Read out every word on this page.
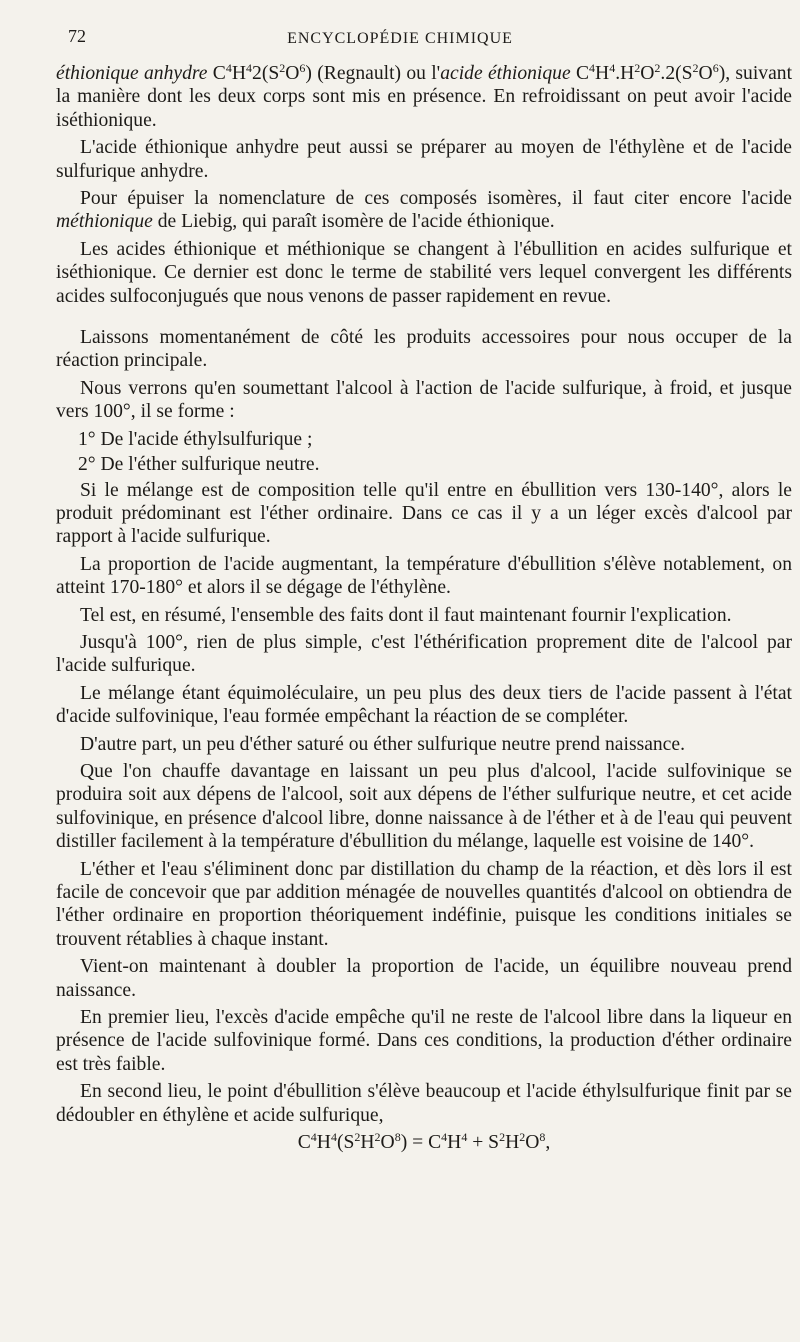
72	ENCYCLOPÉDIE CHIMIQUE

éthionique anhydre $C^4H^42(S^2O^6)$ (Regnault) ou l'acide éthionique $C^4H^4.H^2O^2.2(S^2O^6)$, suivant la manière dont les deux corps sont mis en présence. En refroidissant on peut avoir l'acide iséthionique.

L'acide éthionique anhydre peut aussi se préparer au moyen de l'éthylène et de l'acide sulfurique anhydre.

Pour épuiser la nomenclature de ces composés isomères, il faut citer encore l'acide méthionique de Liebig, qui paraît isomère de l'acide éthionique.

Les acides éthionique et méthionique se changent à l'ébullition en acides sulfurique et iséthionique. Ce dernier est donc le terme de stabilité vers lequel convergent les différents acides sulfoconjugués que nous venons de passer rapidement en revue.

Laissons momentanément de côté les produits accessoires pour nous occuper de la réaction principale.

Nous verrons qu'en soumettant l'alcool à l'action de l'acide sulfurique, à froid, et jusque vers 100°, il se forme :

1° De l'acide éthylsulfurique ;
2° De l'éther sulfurique neutre.

Si le mélange est de composition telle qu'il entre en ébullition vers 130-140°, alors le produit prédominant est l'éther ordinaire. Dans ce cas il y a un léger excès d'alcool par rapport à l'acide sulfurique.

La proportion de l'acide augmentant, la température d'ébullition s'élève notablement, on atteint 170-180° et alors il se dégage de l'éthylène.

Tel est, en résumé, l'ensemble des faits dont il faut maintenant fournir l'explication.

Jusqu'à 100°, rien de plus simple, c'est l'éthérification proprement dite de l'alcool par l'acide sulfurique.

Le mélange étant équimoléculaire, un peu plus des deux tiers de l'acide passent à l'état d'acide sulfovinique, l'eau formée empêchant la réaction de se compléter.

D'autre part, un peu d'éther saturé ou éther sulfurique neutre prend naissance.

Que l'on chauffe davantage en laissant un peu plus d'alcool, l'acide sulfovinique se produira soit aux dépens de l'alcool, soit aux dépens de l'éther sulfurique neutre, et cet acide sulfovinique, en présence d'alcool libre, donne naissance à de l'éther et à de l'eau qui peuvent distiller facilement à la température d'ébullition du mélange, laquelle est voisine de 140°.

L'éther et l'eau s'éliminent donc par distillation du champ de la réaction, et dès lors il est facile de concevoir que par addition ménagée de nouvelles quantités d'alcool on obtiendra de l'éther ordinaire en proportion théoriquement indéfinie, puisque les conditions initiales se trouvent rétablies à chaque instant.

Vient-on maintenant à doubler la proportion de l'acide, un équilibre nouveau prend naissance.

En premier lieu, l'excès d'acide empêche qu'il ne reste de l'alcool libre dans la liqueur en présence de l'acide sulfovinique formé. Dans ces conditions, la production d'éther ordinaire est très faible.

En second lieu, le point d'ébullition s'élève beaucoup et l'acide éthylsulfurique finit par se dédoubler en éthylène et acide sulfurique,

$C^4H^4(S^2H^2O^8) = C^4H^4 + S^2H^2O^8$,
